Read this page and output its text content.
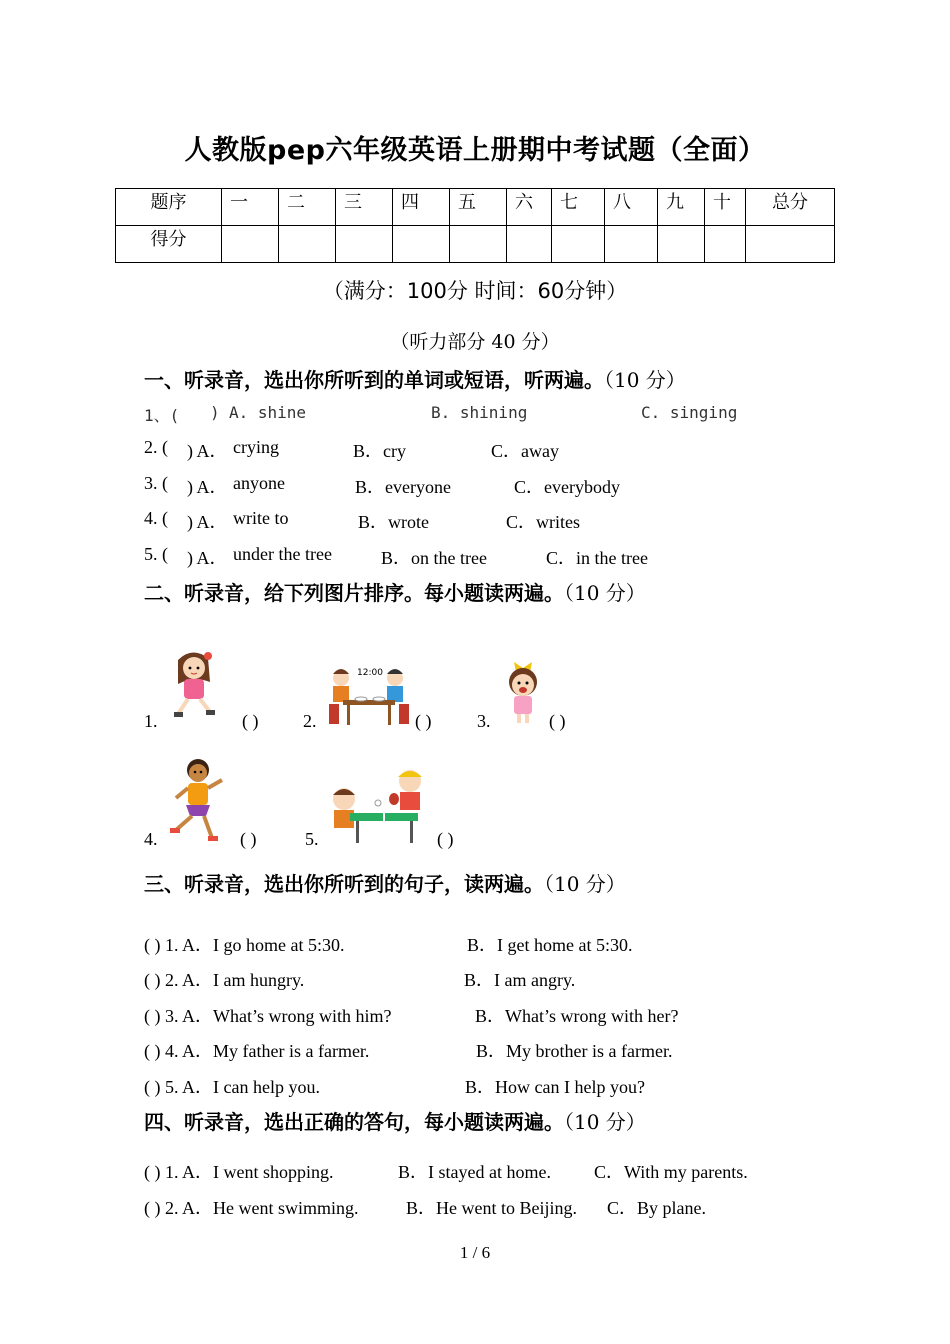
人教版pep六年级英语上册期中考试题（全面）
题序	一	二	三	四	五	六	七	八	九	十	总分
得分											
（满分：100分 时间：60分钟）
（听力部分 40 分）
一、听录音，选出你所听到的单词或短语，听两遍。（10 分）
1、( ) A. shine	B. shining	C. singing
2. ( ) A． crying	B．cry	C．away
3. ( ) A． anyone	B．everyone	C．everybody
4. ( ) A． write to	B．wrote	C．writes
5. ( ) A． under the tree	B．on the tree	C．in the tree
二、听录音，给下列图片排序。每小题读两遍。（10 分）
1.	( )
12:00
2.	( )	3.	( )
4.	( )	5.	( )
三、听录音，选出你所听到的句子，读两遍。（10 分）
( ) 1. A．I go home at 5:30.	B．I get home at 5:30.
( ) 2. A．I am hungry.	B．I am angry.
( ) 3. A．What’s wrong with him?	B．What’s wrong with her?
( ) 4. A．My father is a farmer.	B．My brother is a farmer.
( ) 5. A．I can help you.	B．How can I help you?
四、听录音，选出正确的答句，每小题读两遍。（10 分）
( ) 1. A．I went shopping.	B．I stayed at home. C．With my parents.
( ) 2. A．He went swimming.	B．He went to Beijing. C．By plane.
1 / 6
